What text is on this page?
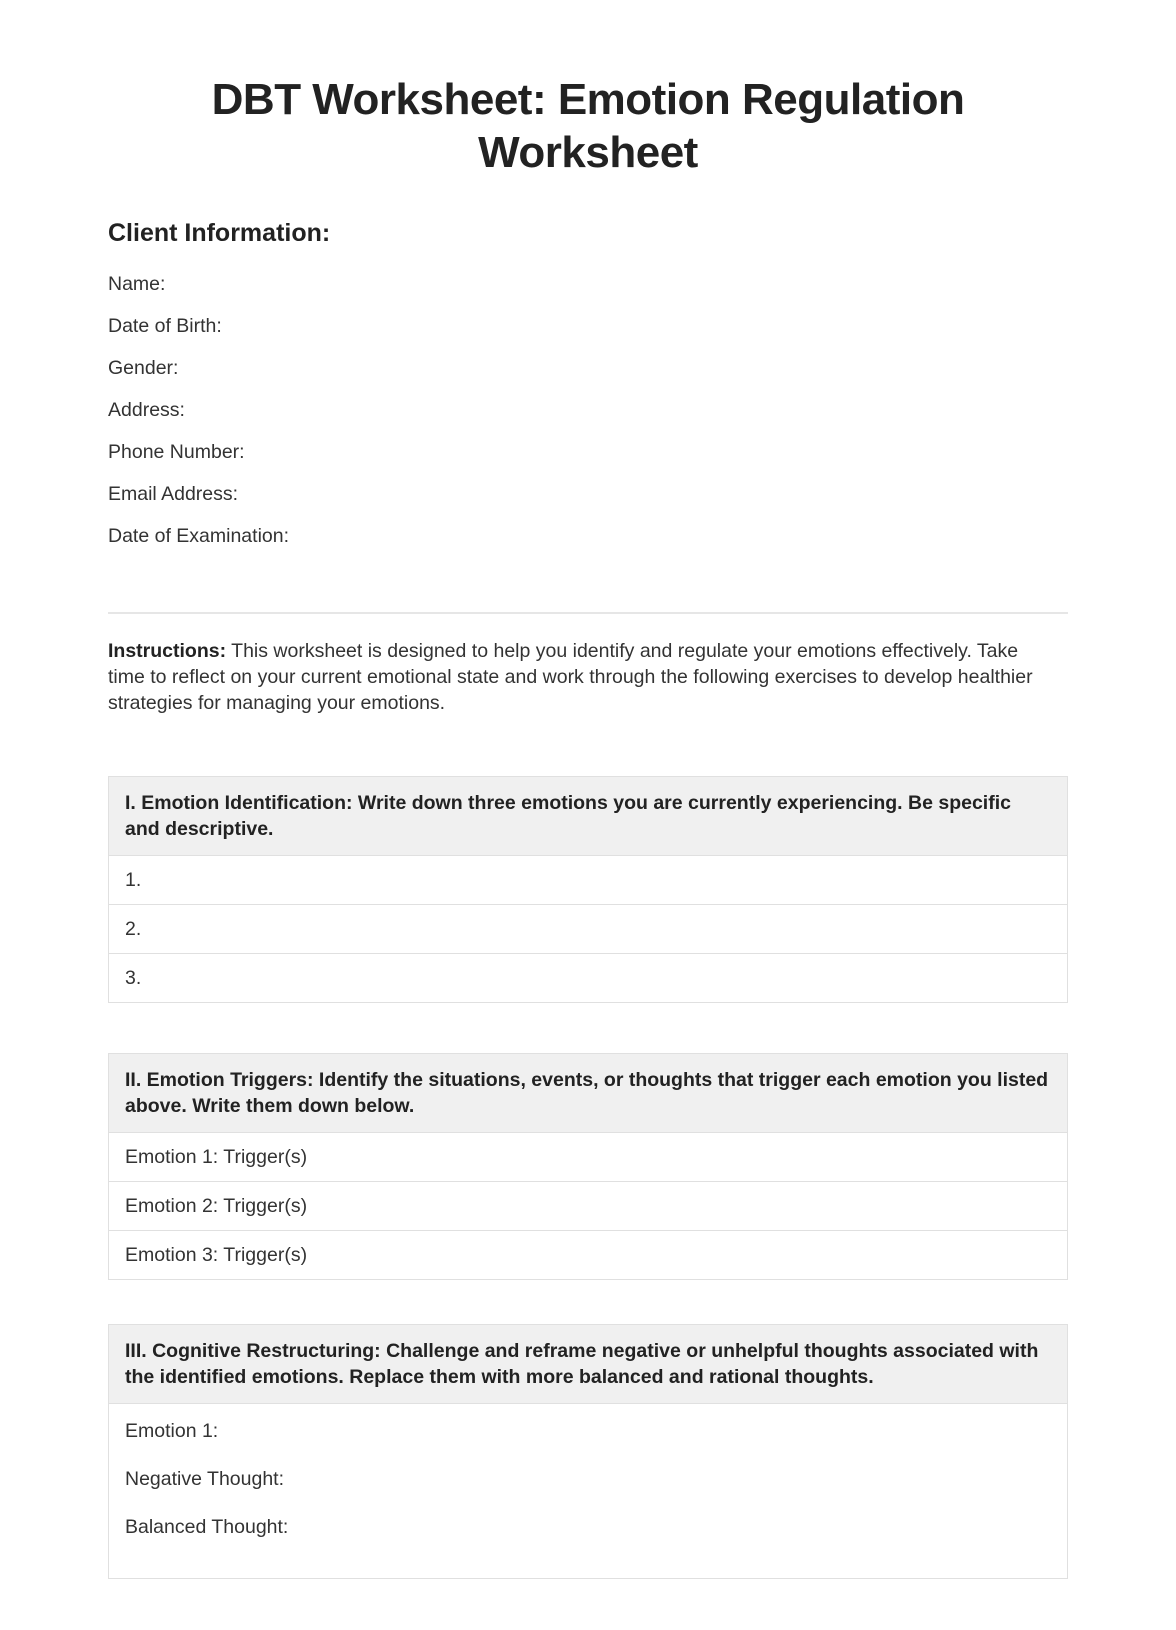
DBT Worksheet: Emotion Regulation Worksheet
Client Information:

Name:

Date of Birth:

Gender:

Address:

Phone Number:

Email Address:

Date of Examination:

Instructions: This worksheet is designed to help you identify and regulate your emotions effectively. Take time to reflect on your current emotional state and work through the following exercises to develop healthier strategies for managing your emotions.

I. Emotion Identification: Write down three emotions you are currently experiencing. Be specific and descriptive.
1.
2.
3.
II. Emotion Triggers: Identify the situations, events, or thoughts that trigger each emotion you listed above. Write them down below.
Emotion 1: Trigger(s)
Emotion 2: Trigger(s)
Emotion 3: Trigger(s)
III. Cognitive Restructuring: Challenge and reframe negative or unhelpful thoughts associated with the identified emotions. Replace them with more balanced and rational thoughts.

Emotion 1:

Negative Thought:

Balanced Thought:
